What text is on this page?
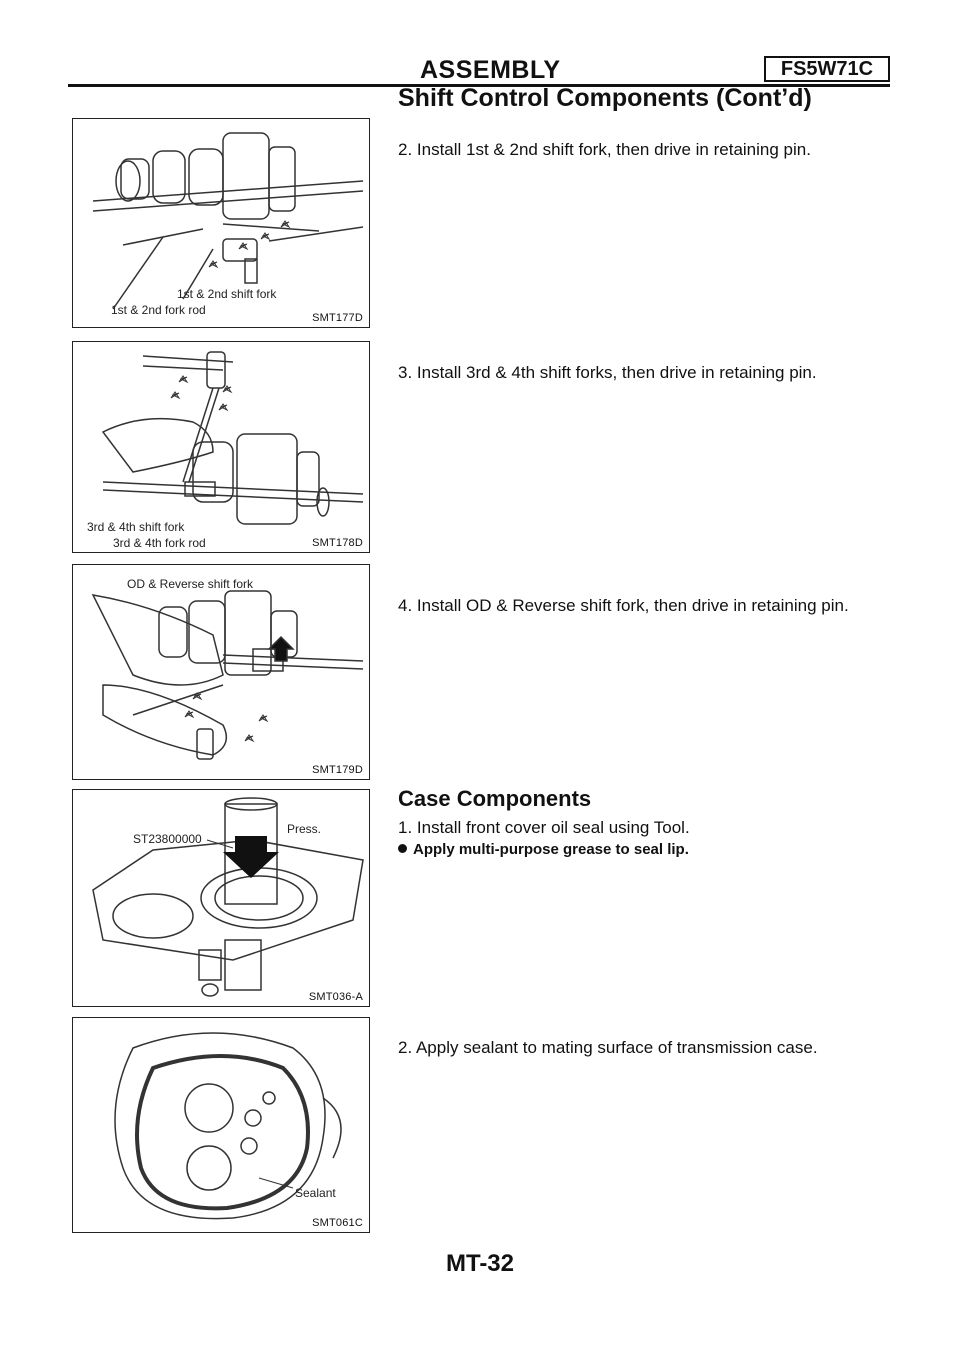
ASSEMBLY	FS5W71C
Shift Control Components (Cont’d)
1st & 2nd shift fork
1st & 2nd fork rod
SMT177D
2. Install 1st & 2nd shift fork, then drive in retaining pin.
3rd & 4th shift fork
3rd & 4th fork rod	SMT178D
3. Install 3rd & 4th shift forks, then drive in retaining pin.
OD & Reverse shift fork
SMT179D
4. Install OD & Reverse shift fork, then drive in retaining pin.
ST23800000
Press.
SMT036-A
Case Components
1. Install front cover oil seal using Tool.
Apply multi-purpose grease to seal lip.
Sealant
SMT061C
2. Apply sealant to mating surface of transmission case.
MT-32
